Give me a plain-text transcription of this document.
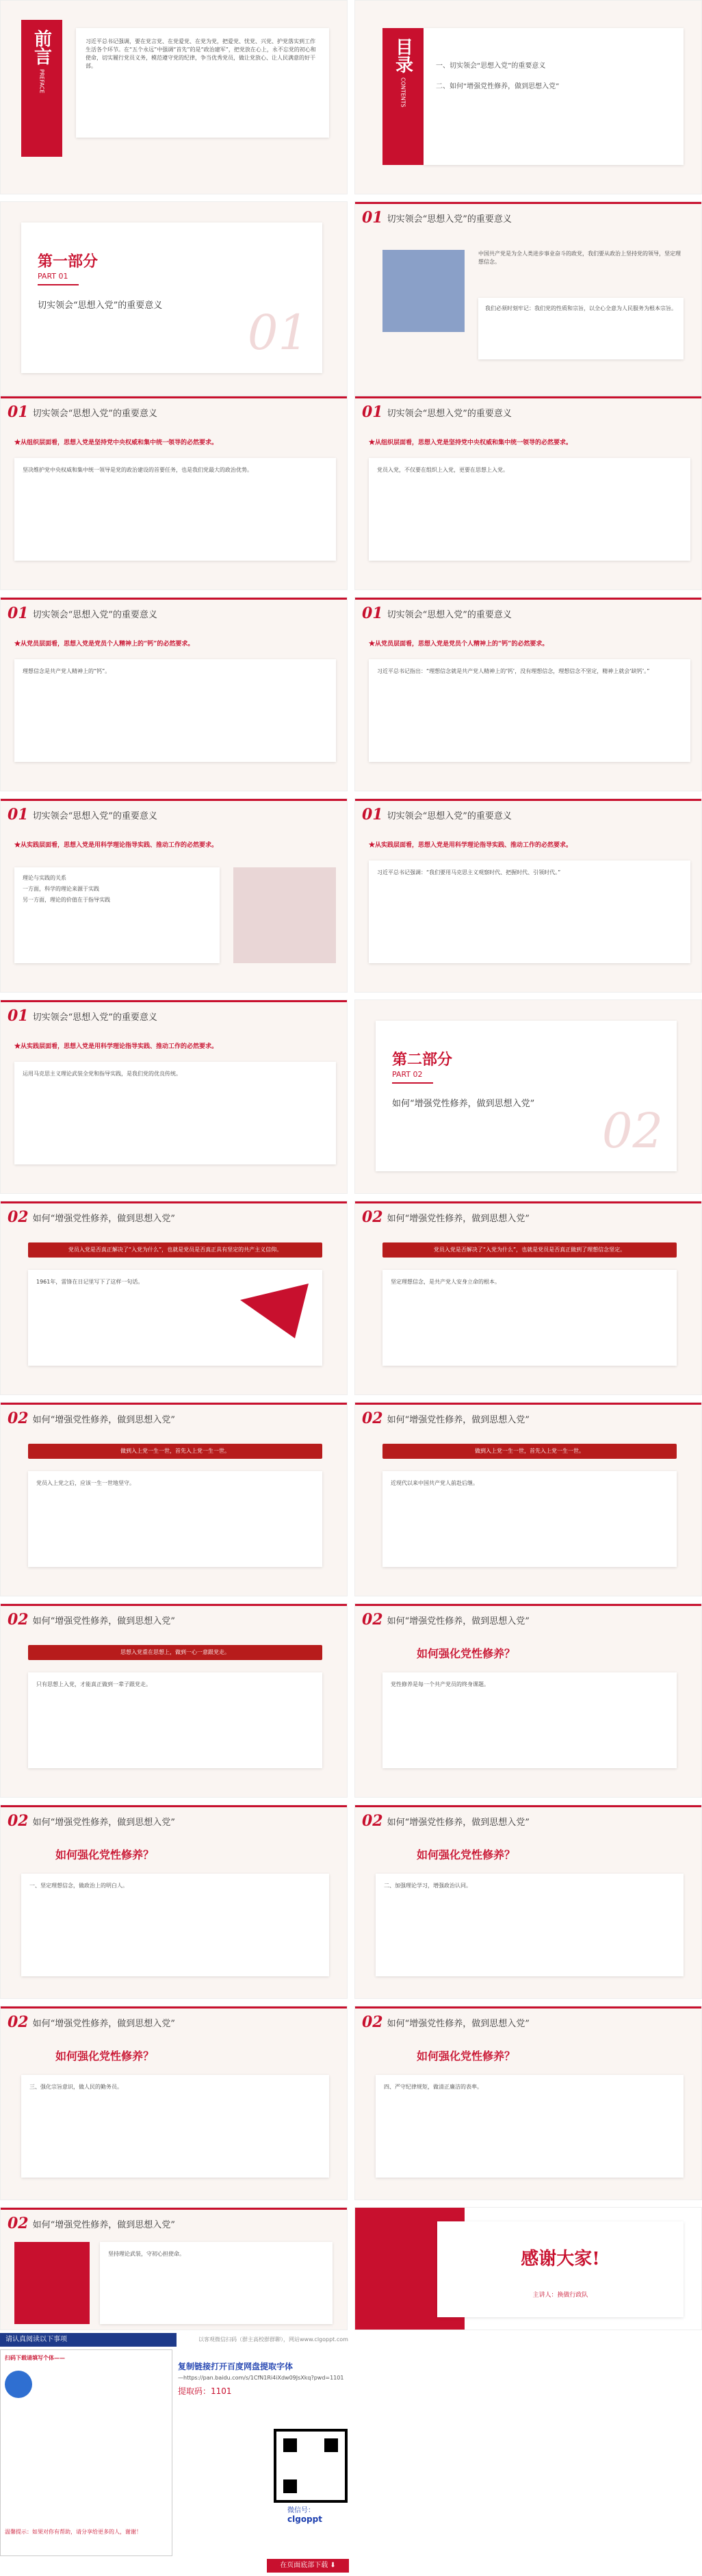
前言
PREFACE
习近平总书记强调，要在党言党、在党爱党、在党为党，把爱党、忧党、兴党、护党落实到工作生活各个环节。在“五个永远”中强调“首先”的是“政治建军”，把党放在心上，永不忘党的初心和使命，切实履行党员义务，模范遵守党的纪律，争当优秀党员，做让党放心、让人民满意的好干部。	目录
CONTENTS
一、切实领会“思想入党”的重要意义
二、如何“增强党性修养，做到思想入党”
第一部分
PART 01
切实领会“思想入党”的重要意义 01
01 切实领会“思想入党”的重要意义
中国共产党是为全人类进步事业奋斗的政党，我们要从政治上坚持党的领导，坚定理想信念。
我们必须时刻牢记：我们党的性质和宗旨，以全心全意为人民服务为根本宗旨。
01 切实领会“思想入党”的重要意义
★从组织层面看，思想入党是坚持党中央权威和集中统一领导的必然要求。
坚决维护党中央权威和集中统一领导是党的政治建设的首要任务，也是我们党最大的政治优势。
01 切实领会“思想入党”的重要意义
★从组织层面看，思想入党是坚持党中央权威和集中统一领导的必然要求。
党员入党，不仅要在组织上入党，更要在思想上入党。
01 切实领会“思想入党”的重要意义
★从党员层面看，思想入党是党员个人精神上的“钙”的必然要求。
理想信念是共产党人精神上的“钙”。
01 切实领会“思想入党”的重要意义
★从党员层面看，思想入党是党员个人精神上的“钙”的必然要求。
习近平总书记指出：“理想信念就是共产党人精神上的‘钙’，没有理想信念，理想信念不坚定，精神上就会‘缺钙’。”
01 切实领会“思想入党”的重要意义
★从实践层面看，思想入党是用科学理论指导实践、推动工作的必然要求。
理论与实践的关系
一方面，科学的理论来源于实践
另一方面，理论的价值在于指导实践
01 切实领会“思想入党”的重要意义
★从实践层面看，思想入党是用科学理论指导实践、推动工作的必然要求。
习近平总书记强调：“我们要用马克思主义观察时代、把握时代、引领时代。”
01 切实领会“思想入党”的重要意义
★从实践层面看，思想入党是用科学理论指导实践、推动工作的必然要求。
运用马克思主义理论武装全党和指导实践，是我们党的优良传统。
第二部分
PART 02
如何“增强党性修养，做到思想入党” 02
02 如何“增强党性修养，做到思想入党”
党员入党是否真正解决了“入党为什么”，也就是党员是否真正具有坚定的共产主义信仰。
1961年，雷锋在日记里写下了这样一句话。
02 如何“增强党性修养，做到思想入党”
党员入党是否解决了“入党为什么”，也就是党员是否真正做到了理想信念坚定。
坚定理想信念，是共产党人安身立命的根本。
02 如何“增强党性修养，做到思想入党”
做到入上党一生一世，首先入上党一生一世。
党员入上党之后，应该一生一世地坚守。
02 如何“增强党性修养，做到思想入党”
做到入上党一生一世，首先入上党一生一世。
近现代以来中国共产党人前赴后继。
02 如何“增强党性修养，做到思想入党”
思想入党重在思想上，做到一心一意跟党走。
只有思想上入党，才能真正做到一辈子跟党走。
02 如何“增强党性修养，做到思想入党”
如何强化党性修养？
党性修养是每一个共产党员的终身课题。
02 如何“增强党性修养，做到思想入党”
如何强化党性修养？
一、坚定理想信念，做政治上的明白人。
02 如何“增强党性修养，做到思想入党”
如何强化党性修养？
二、加强理论学习，增强政治认同。
02 如何“增强党性修养，做到思想入党”
如何强化党性修养？
三、强化宗旨意识，做人民的勤务员。
02 如何“增强党性修养，做到思想入党”
如何强化党性修养？
四、严守纪律规矩，做清正廉洁的表率。
02 如何“增强党性修养，做到思想入党”
坚持理论武装，守初心担使命。	感谢大家!
主讲人：换做行政队
请认真阅读以下事项	以客观微信扫码（群主高校群群聊），网站www.clgoppt.com
扫码下载请填写个体——
温馨提示：如果对你有帮助，请分享给更多的人，谢谢！
复制链接打开百度网盘提取字体
—https://pan.baidu.com/s/1CfN1Ri4iXdw09JsXkq?pwd=1101
提取码：1101
微信号：
clgoppt
在页面底部下载 ⬇
